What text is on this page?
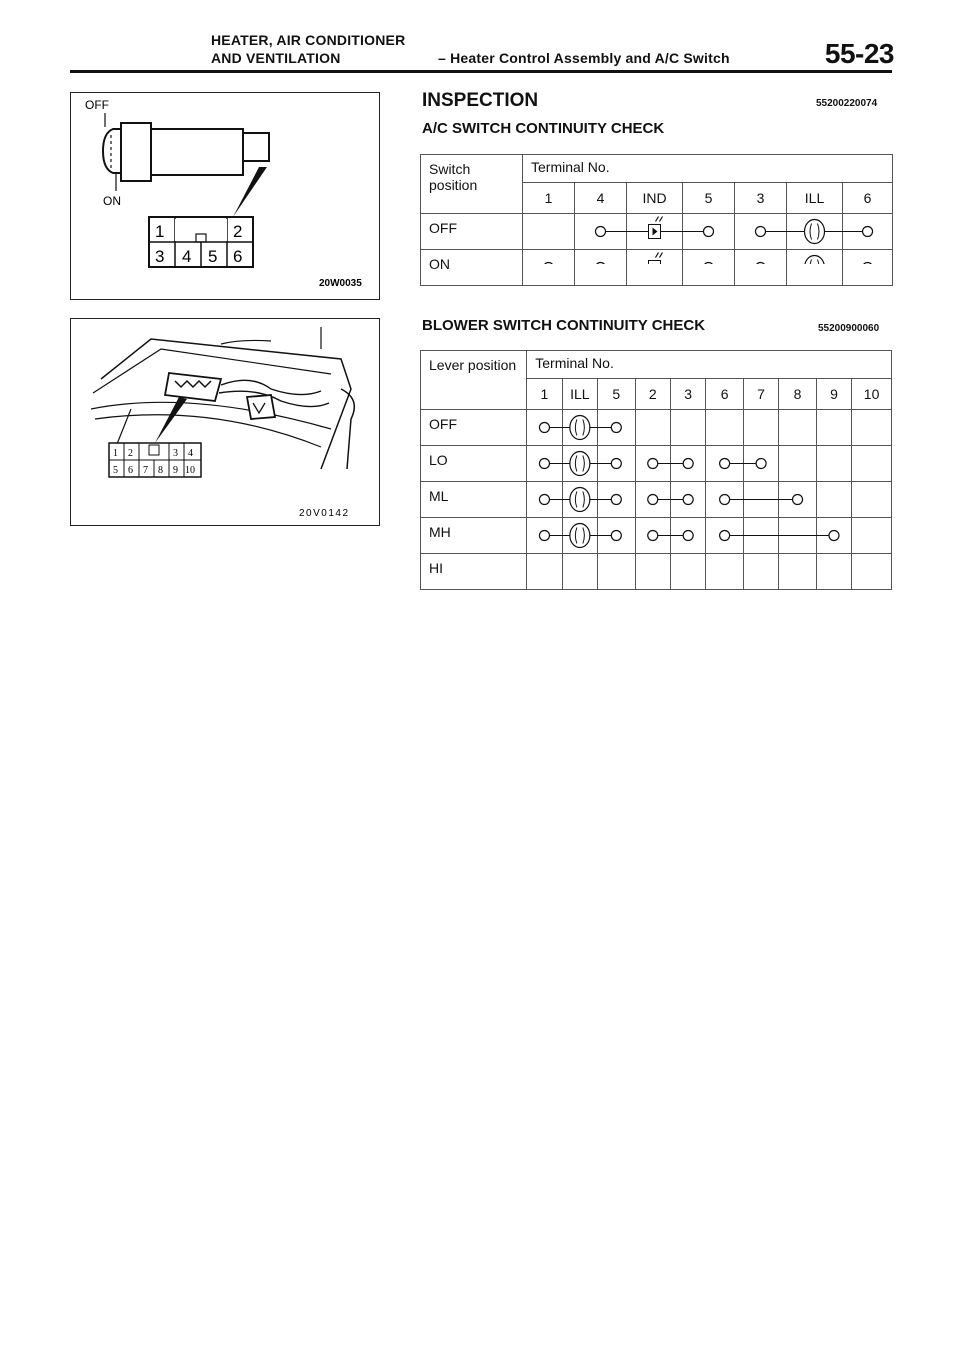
HEATER, AIR CONDITIONER
AND VENTILATION	– Heater Control Assembly and A/C Switch	55-23
OFF
ON
1	2
3 4 5 6
20W0035
1 2	3 4
5 6 7 8 9 10
20V0142
INSPECTION	55200220074
A/C SWITCH CONTINUITY CHECK
Switch position	Terminal No.						
	1	4	IND	5	3	ILL	6
OFF							
ON							
BLOWER SWITCH CONTINUITY CHECK	55200900060
Lever position	Terminal No.									
	1	ILL	5	2	3	6	7	8	9	10
OFF										
LO										
ML										
MH										
HI										
